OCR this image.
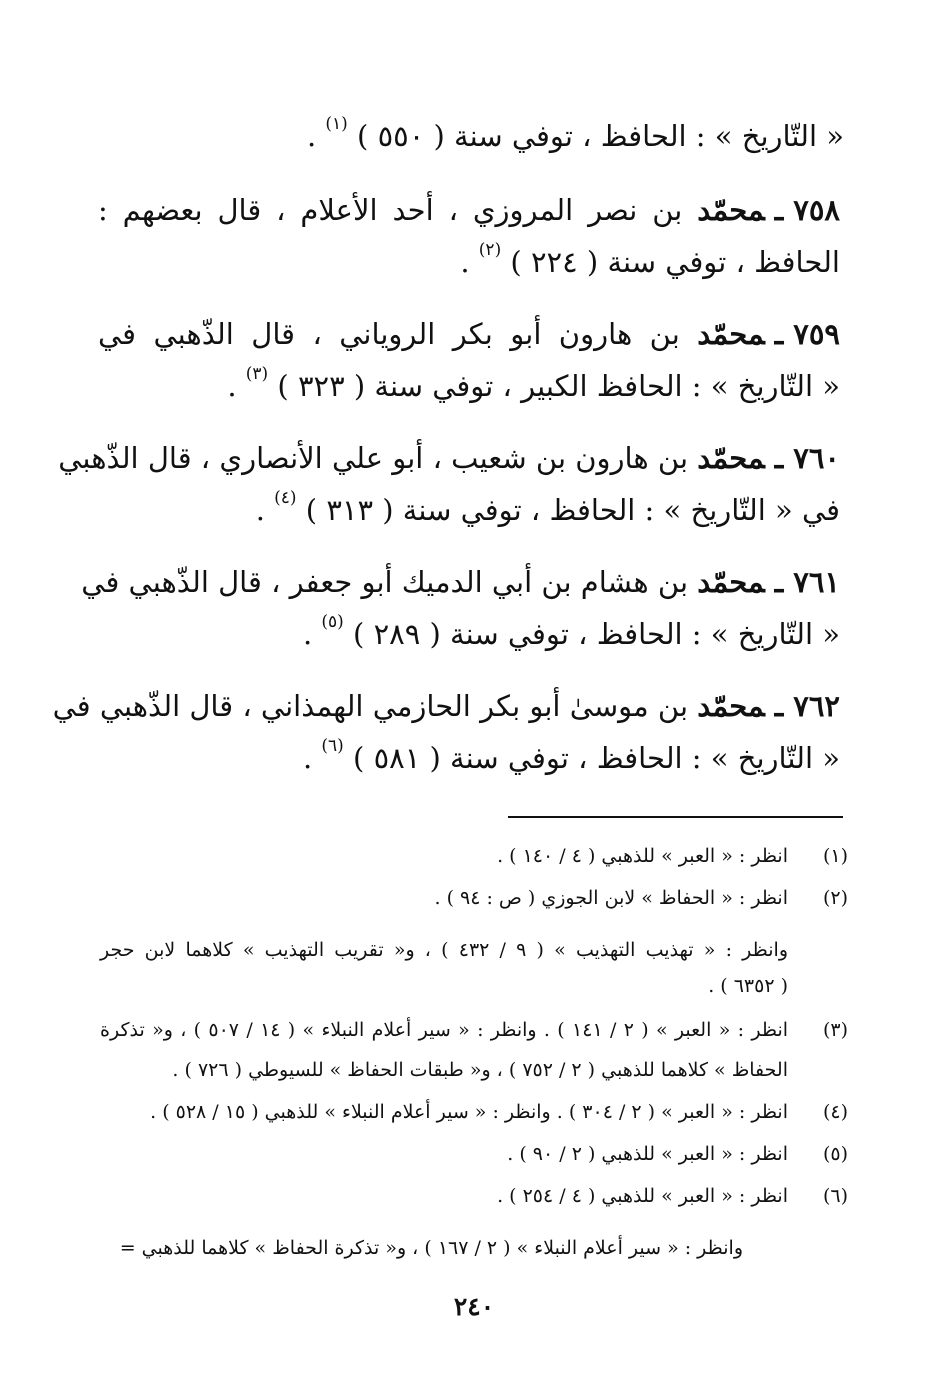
« التّاريخ » : الحافظ ، توفي سنة ( ٥٥٠ ) $^{(١)}$ .
٧٥٨ـمحمّد بن نصر المروزي ، أحد الأعلام ، قال بعضهم :
الحافظ ، توفي سنة ( ٢٢٤ ) $^{(٢)}$ .
٧٥٩ـمحمّد بن هارون أبو بكر الروياني ، قال الذّهبي في
« التّاريخ » : الحافظ الكبير ، توفي سنة ( ٣٢٣ ) $^{(٣)}$ .
٧٦٠ـمحمّد بن هارون بن شعيب ، أبو علي الأنصاري ، قال الذّهبي
في « التّاريخ » : الحافظ ، توفي سنة ( ٣١٣ ) $^{(٤)}$ .
٧٦١ـمحمّد بن هشام بن أبي الدميك أبو جعفر ، قال الذّهبي في
« التّاريخ » : الحافظ ، توفي سنة ( ٢٨٩ ) $^{(٥)}$ .
٧٦٢ـمحمّد بن موسىٰ أبو بكر الحازمي الهمذاني ، قال الذّهبي في
« التّاريخ » : الحافظ ، توفي سنة ( ٥٨١ ) $^{(٦)}$ .
(١)
انظر : « العبر » للذهبي ( ٤ / ١٤٠ ) .
(٢)
انظر : « الحفاظ » لابن الجوزي ( ص : ٩٤ ) .
وانظر : « تهذيب التهذيب » ( ٩ / ٤٣٢ ) ، و« تقريب التهذيب » كلاهما لابن حجر
( ٦٣٥٢ ) .
(٣)
انظر : « العبر » ( ٢ / ١٤١ ) . وانظر : « سير أعلام النبلاء » ( ١٤ / ٥٠٧ ) ، و« تذكرة
الحفاظ » كلاهما للذهبي ( ٢ / ٧٥٢ ) ، و« طبقات الحفاظ » للسيوطي ( ٧٢٦ ) .
(٤)
انظر : « العبر » ( ٢ / ٣٠٤ ) . وانظر : « سير أعلام النبلاء » للذهبي ( ١٥ / ٥٢٨ ) .
(٥)
انظر : « العبر » للذهبي ( ٢ / ٩٠ ) .
(٦)
انظر : « العبر » للذهبي ( ٤ / ٢٥٤ ) .
وانظر : « سير أعلام النبلاء » ( ٢ / ١٦٧ ) ، و« تذكرة الحفاظ » كلاهما للذهبي =
٢٤٠
